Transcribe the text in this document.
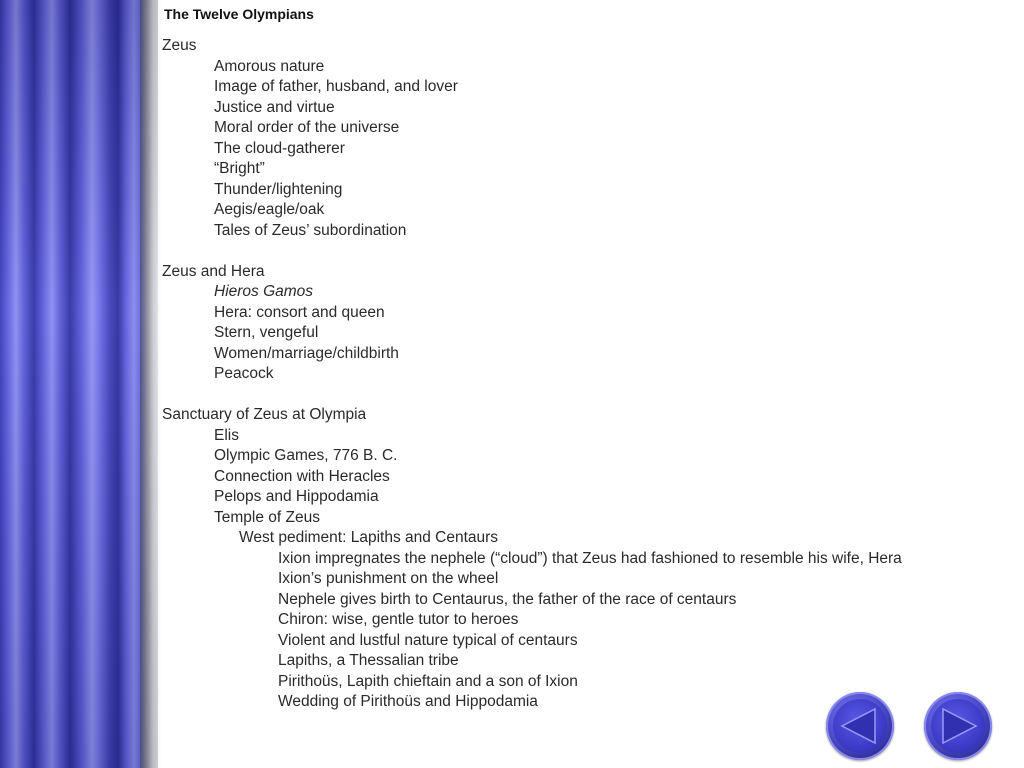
The Twelve Olympians
Zeus
Amorous nature
Image of father, husband, and lover
Justice and virtue
Moral order of the universe
The cloud-gatherer
“Bright”
Thunder/lightening
Aegis/eagle/oak
Tales of Zeus’ subordination
Zeus and Hera
Hieros Gamos
Hera: consort and queen
Stern, vengeful
Women/marriage/childbirth
Peacock
Sanctuary of Zeus at Olympia
Elis
Olympic Games, 776 B. C.
Connection with Heracles
Pelops and Hippodamia
Temple of Zeus
West pediment: Lapiths and Centaurs
Ixion impregnates the nephele (“cloud”) that Zeus had fashioned to resemble his wife, Hera
Ixion’s punishment on the wheel
Nephele gives birth to Centaurus, the father of the race of centaurs
Chiron: wise, gentle tutor to heroes
Violent and lustful nature typical of centaurs
Lapiths, a Thessalian tribe
Pirithoüs, Lapith chieftain and a son of Ixion
Wedding of Pirithoüs and Hippodamia
